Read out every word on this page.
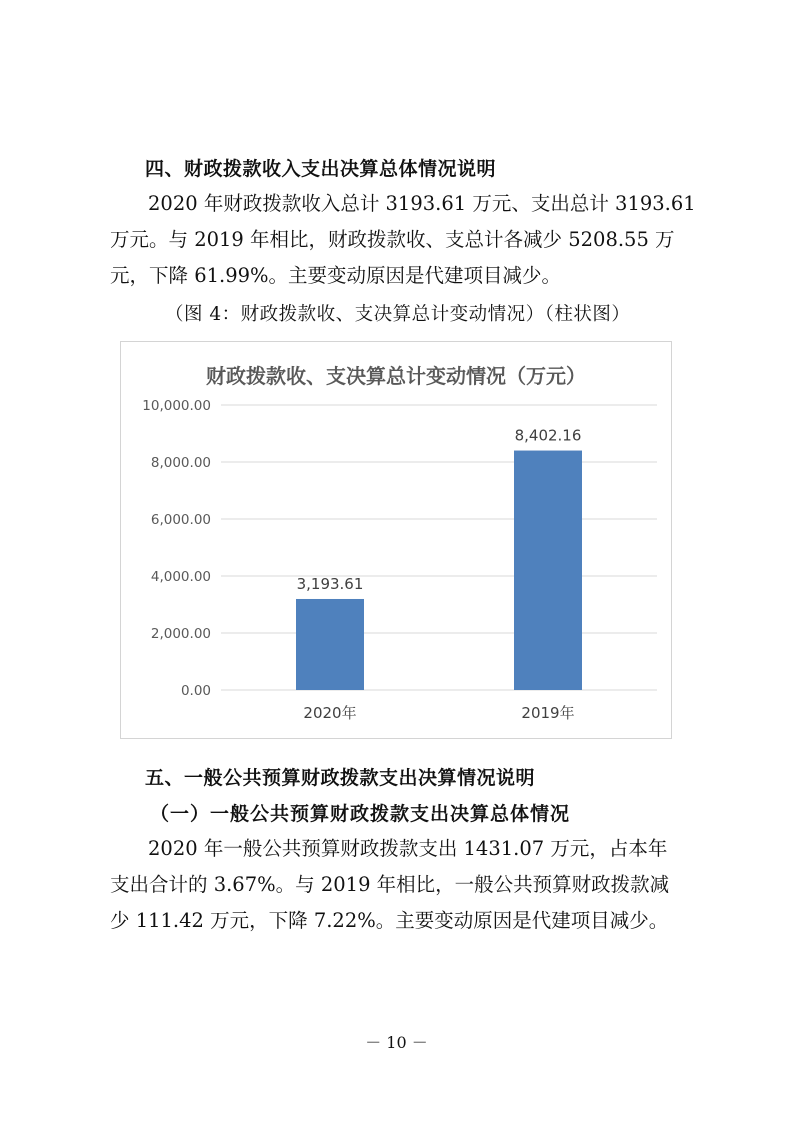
四、财政拨款收入支出决算总体情况说明
2020 年财政拨款收入总计 3193.61 万元、支出总计 3193.61
万元。与 2019 年相比，财政拨款收、支总计各减少 5208.55 万
元，下降 61.99%。主要变动原因是代建项目减少。
（图 4：财政拨款收、支决算总计变动情况）（柱状图）
财政拨款收、支决算总计变动情况（万元）
0.00
2,000.00
4,000.00
6,000.00
8,000.00
10,000.00
3,193.61
2020年
8,402.16
2019年
五、一般公共预算财政拨款支出决算情况说明
（一）一般公共预算财政拨款支出决算总体情况
2020 年一般公共预算财政拨款支出 1431.07 万元，占本年
支出合计的 3.67%。与 2019 年相比，一般公共预算财政拨款减
少 111.42 万元，下降 7.22%。主要变动原因是代建项目减少。
－ 10 －
